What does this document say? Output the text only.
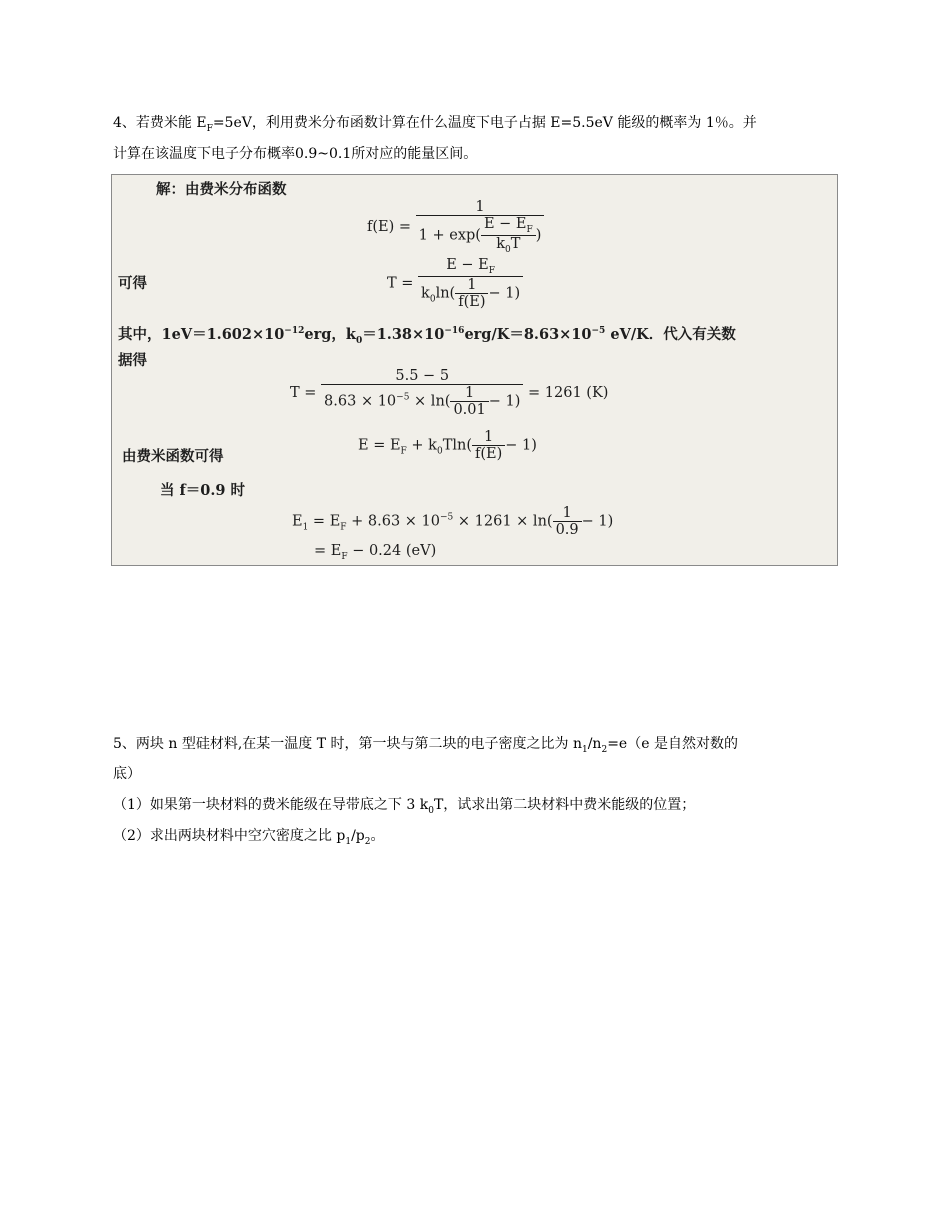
4、若费米能 $E_F=5eV$，利用费米分布函数计算在什么温度下电子占据 E=5.5eV 能级的概率为 1％。并
计算在该温度下电子分布概率0.9~0.1所对应的能量区间。
解：由费米分布函数
$f(E) = \frac{1}{1 + \exp( \frac{E - E_F}{k_0T} )}$
可得	$T = \frac{E - E_F}{k_0\ln( \frac{1}{f(E)} - 1)}$
其中，$1eV=1.602\times 10^{-12}erg$，$k_0=1.38\times 10^{-16}erg/K=8.63\times 10^{-5}$ eV/K．代入有关数
据得
$T = \frac{5.5 - 5}{8.63 \times 10^{-5} \times \ln( \frac{1}{0.01} - 1)} = 1261$ (K)
由费米函数可得
$E = E_F + k_0Tln( \frac{1}{f(E)} - 1)$
当 f＝0.9 时
$E_1 = E_F + 8.63 \times 10^{-5} \times 1261 \times \ln( \frac{1}{0.9} - 1)$
= $E_F - 0.24$ (eV)
5、两块 n 型硅材料,在某一温度 T 时，第一块与第二块的电子密度之比为 $n_1/n_2=e(e$ 是自然对数的
底）
（1）如果第一块材料的费米能级在导带底之下 3 $k_0T$，试求出第二块材料中费米能级的位置；
（2）求出两块材料中空穴密度之比 $p_1/p_2$。
